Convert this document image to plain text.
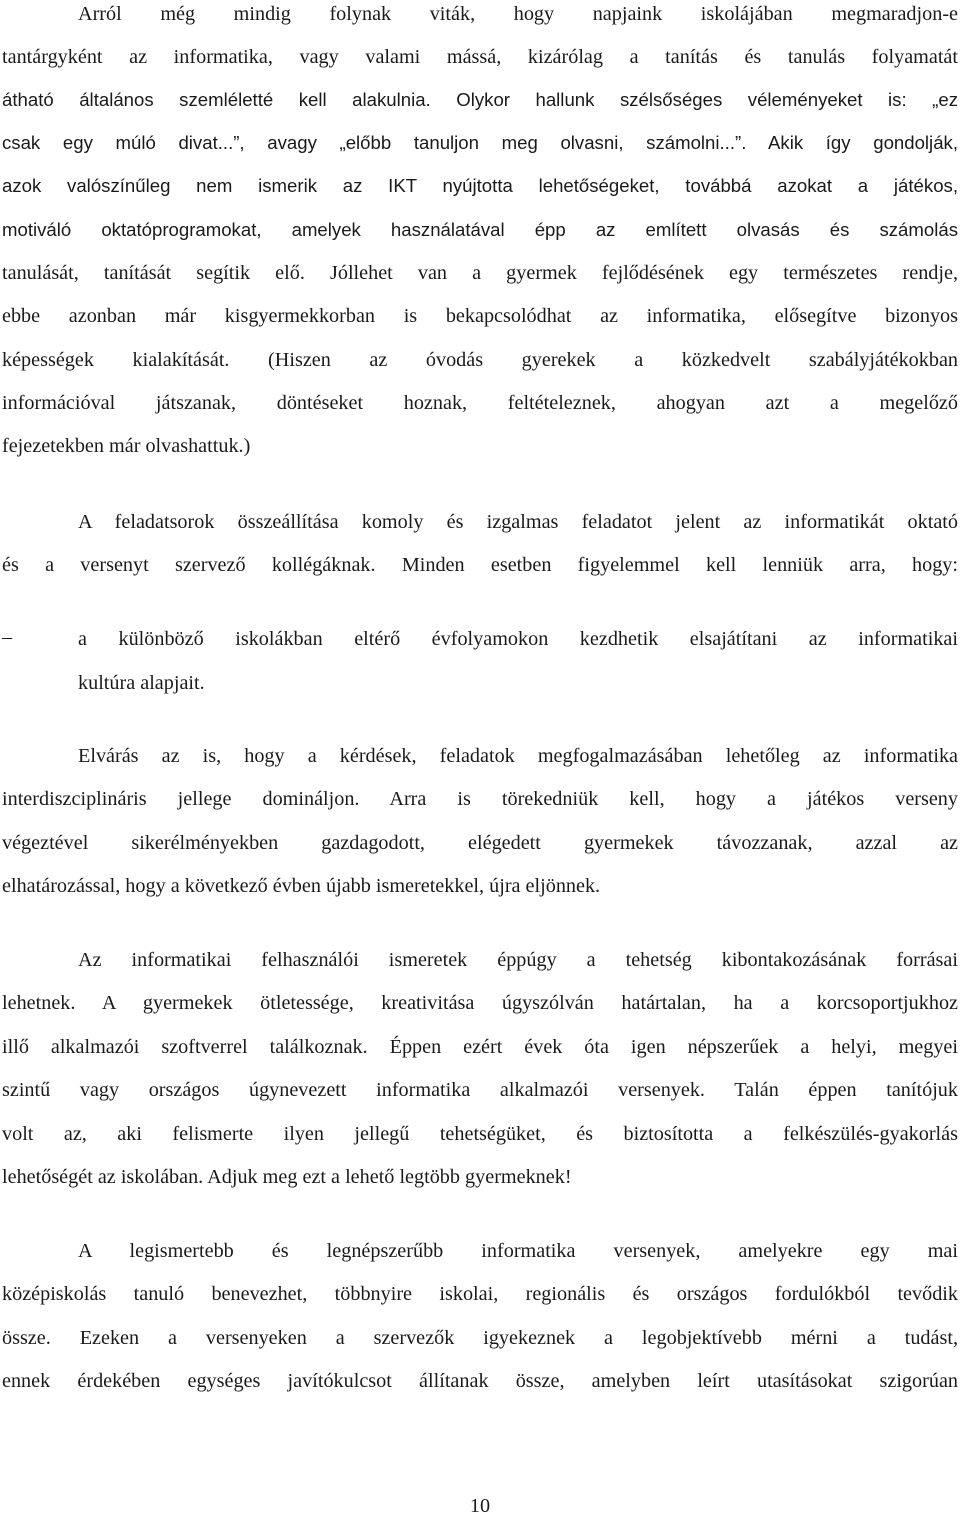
Arról még mindig folynak viták, hogy napjaink iskolájában megmaradjon-e
tantárgyként az informatika, vagy valami mássá, kizárólag a tanítás és tanulás folyamatát
átható általános szemléletté kell alakulnia. Olykor hallunk szélsőséges véleményeket is: „ez
csak egy múló divat...”, avagy „előbb tanuljon meg olvasni, számolni...”. Akik így gondolják,
azok valószínűleg nem ismerik az IKT nyújtotta lehetőségeket, továbbá azokat a játékos,
motiváló oktatóprogramokat, amelyek használatával épp az említett olvasás és számolás
tanulását, tanítását segítik elő. Jóllehet van a gyermek fejlődésének egy természetes rendje,
ebbe azonban már kisgyermekkorban is bekapcsolódhat az informatika, elősegítve bizonyos
képességek kialakítását. (Hiszen az óvodás gyerekek a közkedvelt szabályjátékokban
információval játszanak, döntéseket hoznak, feltételeznek, ahogyan azt a megelőző
fejezetekben már olvashattuk.)
A feladatsorok összeállítása komoly és izgalmas feladatot jelent az informatikát oktató
és a versenyt szervező kollégáknak. Minden esetben figyelemmel kell lenniük arra, hogy:
–	a különböző iskolákban eltérő évfolyamokon kezdhetik elsajátítani az informatikai
kultúra alapjait.
Elvárás az is, hogy a kérdések, feladatok megfogalmazásában lehetőleg az informatika
interdiszciplináris jellege domináljon. Arra is törekedniük kell, hogy a játékos verseny
végeztével sikerélményekben gazdagodott, elégedett gyermekek távozzanak, azzal az
elhatározással, hogy a következő évben újabb ismeretekkel, újra eljönnek.
Az informatikai felhasználói ismeretek éppúgy a tehetség kibontakozásának forrásai
lehetnek. A gyermekek ötletessége, kreativitása úgyszólván határtalan, ha a korcsoportjukhoz
illő alkalmazói szoftverrel találkoznak. Éppen ezért évek óta igen népszerűek a helyi, megyei
szintű vagy országos úgynevezett informatika alkalmazói versenyek. Talán éppen tanítójuk
volt az, aki felismerte ilyen jellegű tehetségüket, és biztosította a felkészülés-gyakorlás
lehetőségét az iskolában. Adjuk meg ezt a lehető legtöbb gyermeknek!
A legismertebb és legnépszerűbb informatika versenyek, amelyekre egy mai
középiskolás tanuló benevezhet, többnyire iskolai, regionális és országos fordulókból tevődik
össze. Ezeken a versenyeken a szervezők igyekeznek a legobjektívebb mérni a tudást,
ennek érdekében egységes javítókulcsot állítanak össze, amelyben leírt utasításokat szigorúan
10
